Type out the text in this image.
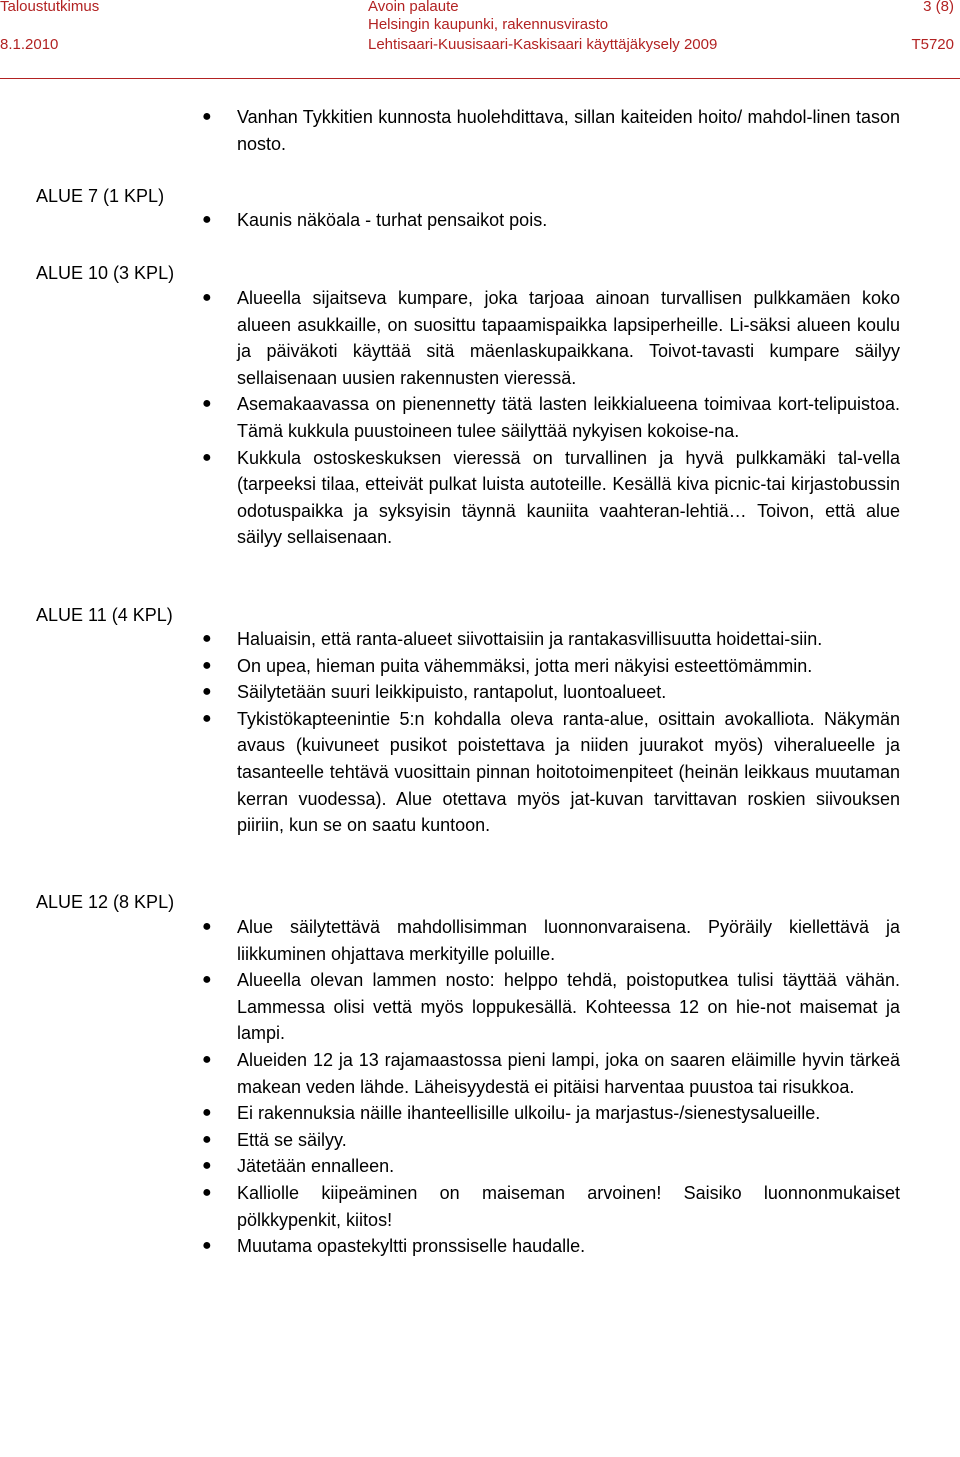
Taloustutkimus
8.1.2010
Avoin palaute
Helsingin kaupunki, rakennusvirasto
Lehtisaari-Kuusisaari-Kaskisaari käyttäjäkysely 2009
3 (8)
T5720
● Vanhan Tykkitien kunnosta huolehdittava, sillan kaiteiden hoito/ mahdol-linen tason nosto.
ALUE 7 (1 KPL)
● Kaunis näköala - turhat pensaikot pois.
ALUE 10 (3 KPL)
● Alueella sijaitseva kumpare, joka tarjoaa ainoan turvallisen pulkkamäen koko alueen asukkaille, on suosittu tapaamispaikka lapsiperheille. Li-säksi alueen koulu ja päiväkoti käyttää sitä mäenlaskupaikkana. Toivot-tavasti kumpare säilyy sellaisenaan uusien rakennusten vieressä.
● Asemakaavassa on pienennetty tätä lasten leikkialueena toimivaa kort-telipuistoa. Tämä kukkula puustoineen tulee säilyttää nykyisen kokoise-na.
● Kukkula ostoskeskuksen vieressä on turvallinen ja hyvä pulkkamäki tal-vella (tarpeeksi tilaa, etteivät pulkat luista autoteille. Kesällä kiva picnic-tai kirjastobussin odotuspaikka ja syksyisin täynnä kauniita vaahteran-lehtiä… Toivon, että alue säilyy sellaisenaan.
ALUE 11 (4 KPL)
● Haluaisin, että ranta-alueet siivottaisiin ja rantakasvillisuutta hoidettai-siin.
● On upea, hieman puita vähemmäksi, jotta meri näkyisi esteettömämmin.
● Säilytetään suuri leikkipuisto, rantapolut, luontoalueet.
● Tykistökapteenintie 5:n kohdalla oleva ranta-alue, osittain avokalliota. Näkymän avaus (kuivuneet pusikot poistettava ja niiden juurakot myös) viheralueelle ja tasanteelle tehtävä vuosittain pinnan hoitotoimenpiteet (heinän leikkaus muutaman kerran vuodessa). Alue otettava myös jat-kuvan tarvittavan roskien siivouksen piiriin, kun se on saatu kuntoon.
ALUE 12 (8 KPL)
● Alue säilytettävä mahdollisimman luonnonvaraisena. Pyöräily kiellettävä ja liikkuminen ohjattava merkityille poluille.
● Alueella olevan lammen nosto: helppo tehdä, poistoputkea tulisi täyttää vähän. Lammessa olisi vettä myös loppukesällä. Kohteessa 12 on hie-not maisemat ja lampi.
● Alueiden 12 ja 13 rajamaastossa pieni lampi, joka on saaren eläimille hyvin tärkeä makean veden lähde. Läheisyydestä ei pitäisi harventaa puustoa tai risukkoa.
● Ei rakennuksia näille ihanteellisille ulkoilu- ja marjastus-/sienestysalueille.
● Että se säilyy.
● Jätetään ennalleen.
● Kalliolle kiipeäminen on maiseman arvoinen! Saisiko luonnonmukaiset pölkkypenkit, kiitos!
● Muutama opastekyltti pronssiselle haudalle.
